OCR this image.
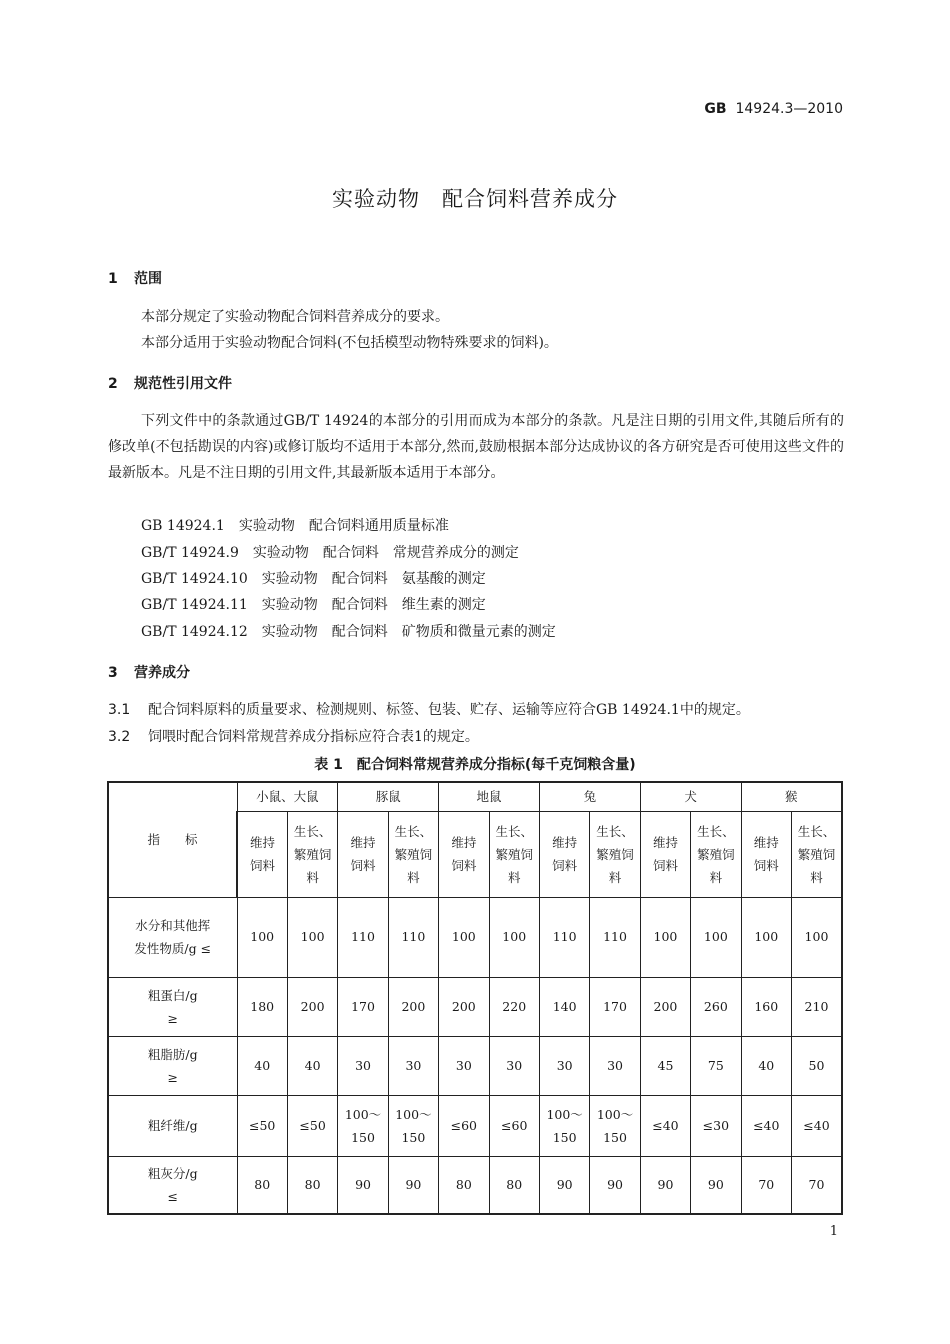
GB 14924.3—2010
实验动物　配合饲料营养成分
1 范围
本部分规定了实验动物配合饲料营养成分的要求。
本部分适用于实验动物配合饲料(不包括模型动物特殊要求的饲料)。
2 规范性引用文件
下列文件中的条款通过GB/T 14924的本部分的引用而成为本部分的条款。凡是注日期的引用文件,其随后所有的修改单(不包括勘误的内容)或修订版均不适用于本部分,然而,鼓励根据本部分达成协议的各方研究是否可使用这些文件的最新版本。凡是不注日期的引用文件,其最新版本适用于本部分。
GB 14924.1　实验动物　配合饲料通用质量标准
GB/T 14924.9　实验动物　配合饲料　常规营养成分的测定
GB/T 14924.10　实验动物　配合饲料　氨基酸的测定
GB/T 14924.11　实验动物　配合饲料　维生素的测定
GB/T 14924.12　实验动物　配合饲料　矿物质和微量元素的测定
3 营养成分
3.1 配合饲料原料的质量要求、检测规则、标签、包装、贮存、运输等应符合GB 14924.1中的规定。
3.2 饲喂时配合饲料常规营养成分指标应符合表1的规定。
表 1　配合饲料常规营养成分指标(每千克饲粮含量)
指　　标	小鼠、大鼠		豚鼠		地鼠		兔		犬		猴	

	维持饲料	生长、繁殖饲料	维持饲料	生长、繁殖饲料	维持饲料	生长、繁殖饲料	维持饲料	生长、繁殖饲料	维持饲料	生长、繁殖饲料	维持饲料	生长、繁殖饲料

水分和其他挥发性物质/g ≤	100	100	110	110	100	100	110	110	100	100	100	100

粗蛋白/g ≥	180	200	170	200	200	220	140	170	200	260	160	210

粗脂肪/g ≥	40	40	30	30	30	30	30	30	45	75	40	50

粗纤维/g	≤50	≤50	100～150	100～150	≤60	≤60	100～150	100～150	≤40	≤30	≤40	≤40

粗灰分/g ≤	80	80	90	90	80	80	90	90	90	90	70	70
1
